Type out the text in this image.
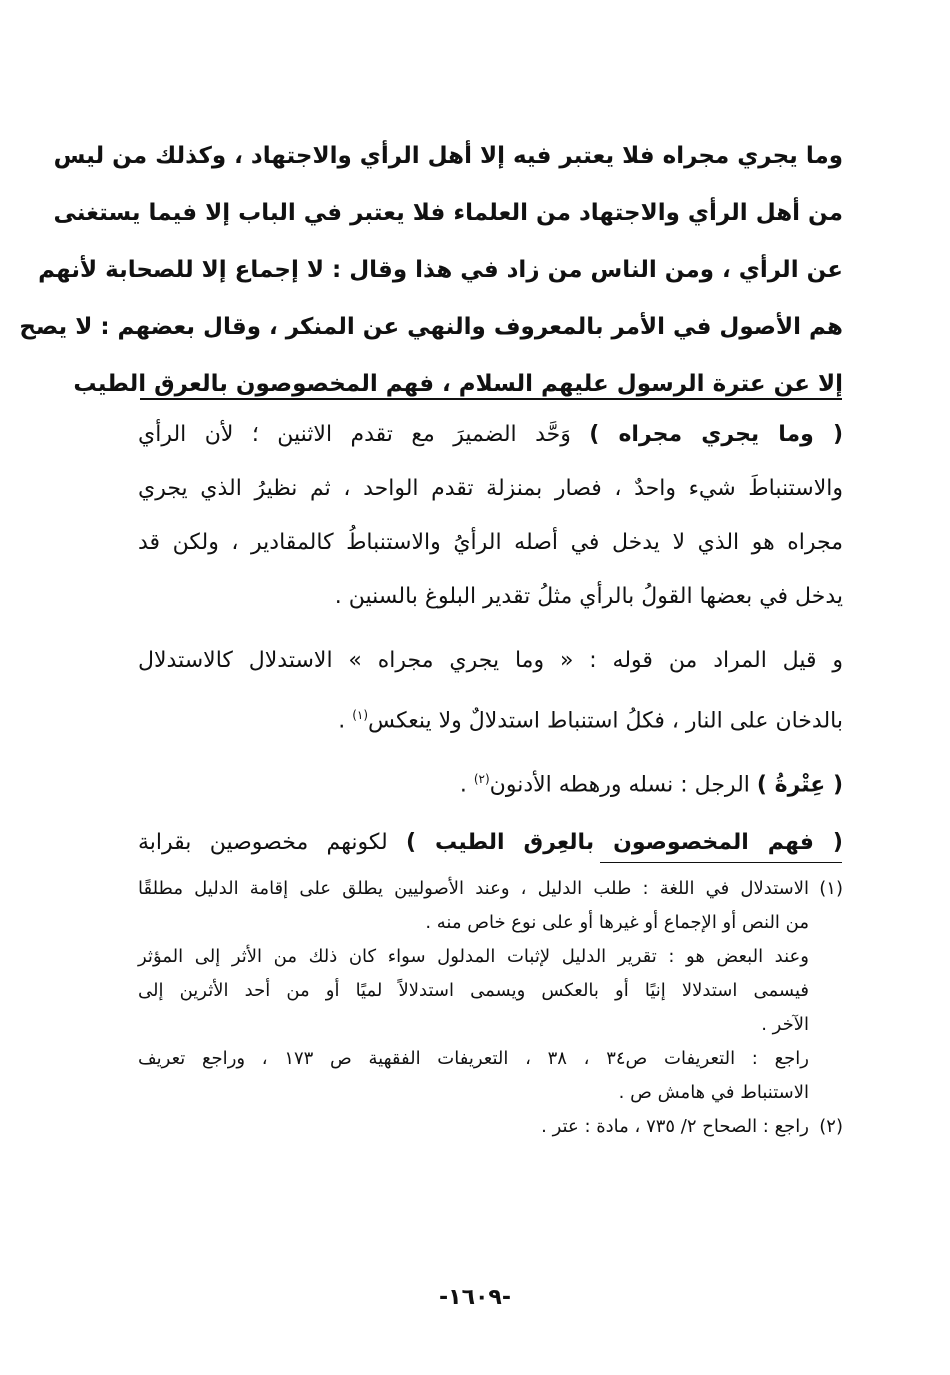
وما يجري مجراه فلا يعتبر فيه إلا أهل الرأي والاجتهاد ، وكذلك من ليس
من أهل الرأي والاجتهاد من العلماء فلا يعتبر في الباب إلا فيما يستغنى
عن الرأي ، ومن الناس من زاد في هذا وقال : لا إجماع إلا للصحابة لأنهم
هم الأصول في الأمر بالمعروف والنهي عن المنكر ، وقال بعضهم : لا يصح
إلا عن عترة الرسول عليهم السلام ، فهم المخصوصون بالعرق الطيب
( وما يجري مجراه ) وَحَّد الضميرَ مع تقدم الاثنين ؛ لأن الرأي
والاستنباطَ شيء واحدٌ ، فصار بمنزلة تقدم الواحد ، ثم نظيرُ الذي يجري
مجراه هو الذي لا يدخل في أصله الرأيُ والاستنباطُ كالمقادير ، ولكن قد
يدخل في بعضها القولُ بالرأي مثلُ تقدير البلوغ بالسنين .
و قيل المراد من قوله : « وما يجري مجراه » الاستدلال كالاستدلال
بالدخان على النار ، فكلُ استنباط استدلالٌ ولا ينعكس$^{(١)}$ .
( عِتْرةُ ) الرجل : نسله ورهطه الأدنون$^{(٢)}$ .
( فهم المخصوصون بالعِرق الطيب ) لكونهم مخصوصين بقرابة
(١)الاستدلال في اللغة : طلب الدليل ، وعند الأصوليين يطلق على إقامة الدليل مطلقًا
من النص أو الإجماع أو غيرها أو على نوع خاص منه .
وعند البعض هو : تقرير الدليل لإثبات المدلول سواء كان ذلك من الأثر إلى المؤثر
فيسمى استدلالا إنيًا أو بالعكس ويسمى استدلالاً لميًا أو من أحد الأثرين إلى
الآخر .
راجع : التعريفات ص٣٤ ، ٣٨ ، التعريفات الفقهية ص ١٧٣ ، وراجع تعريف
الاستنباط في هامش ص .
(٢)راجع : الصحاح ٢/ ٧٣٥ ، مادة : عتر .
-١٦٠٩-
